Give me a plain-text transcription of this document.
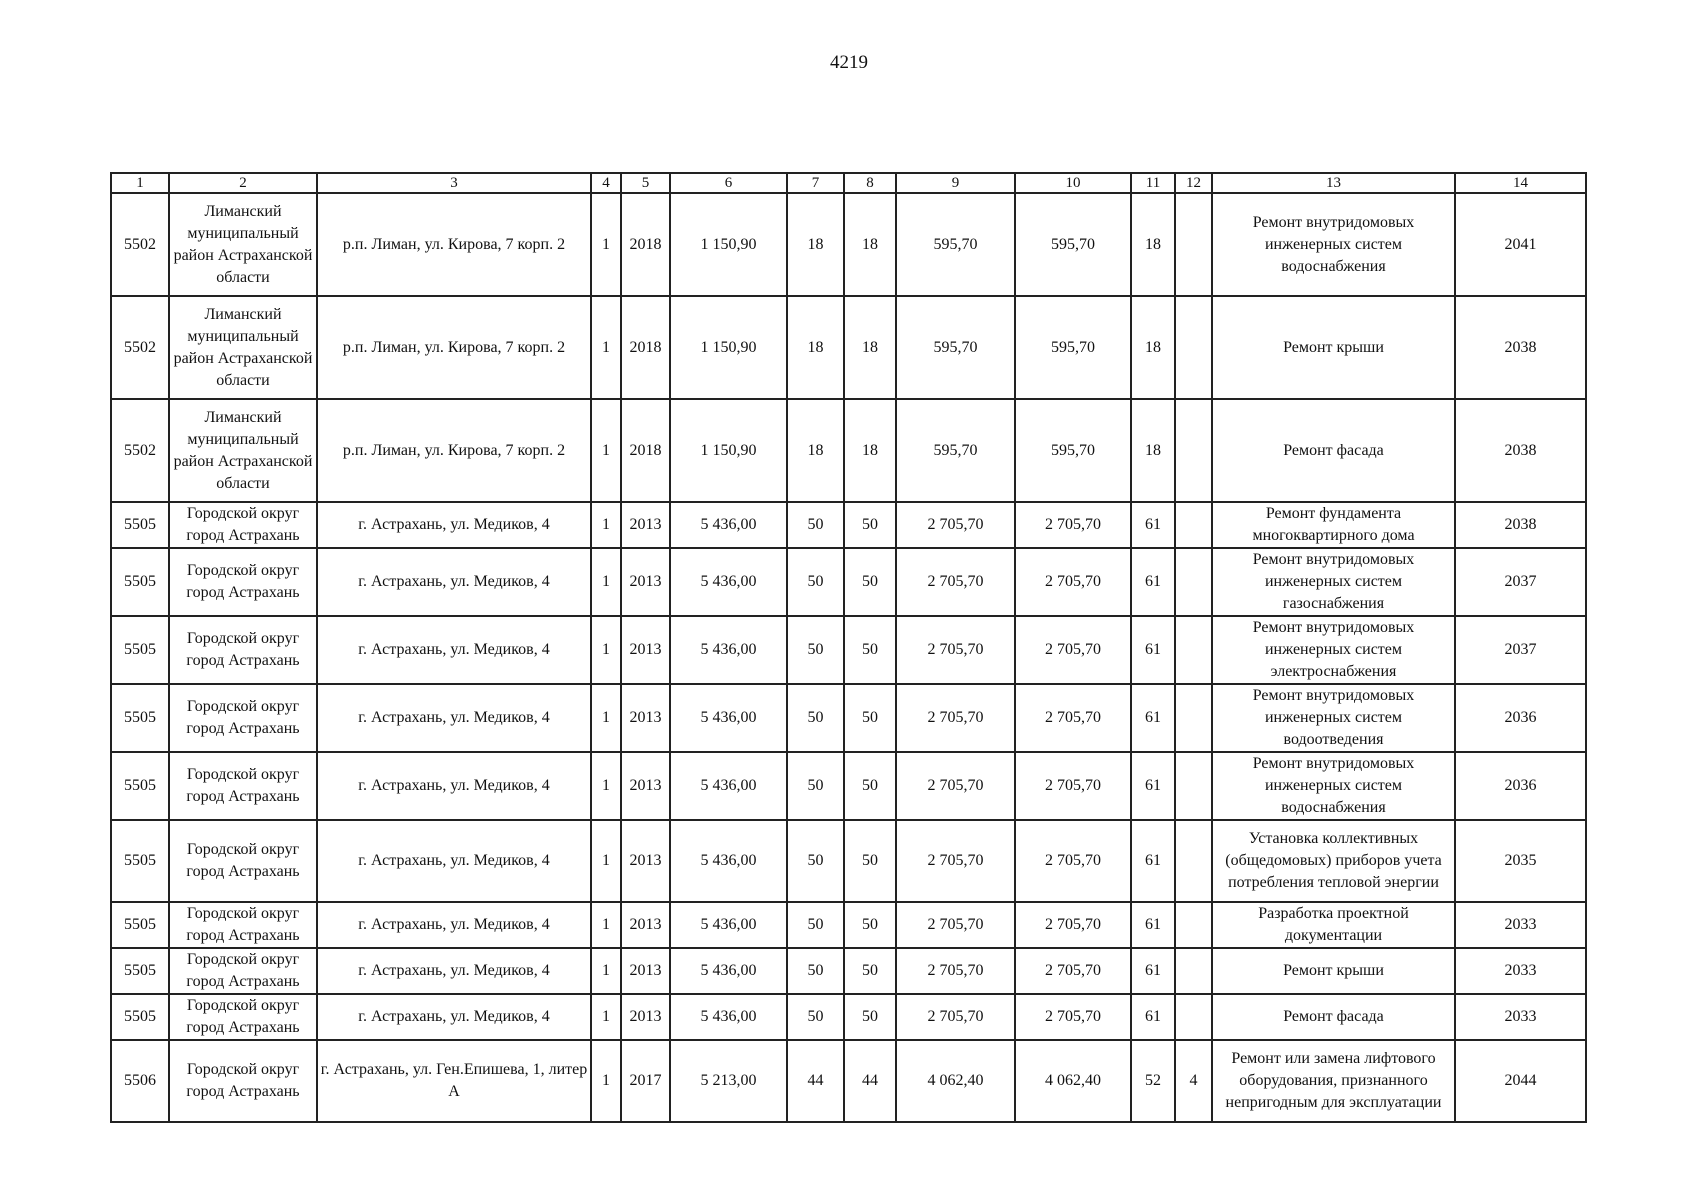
4219
1	2	3	4	5	6	7	8	9	10	11	12	13	14
5502	Лиманский муниципальный район Астраханской области	р.п. Лиман, ул. Кирова, 7 корп. 2	1	2018	1 150,90	18	18	595,70	595,70	18		Ремонт внутридомовых инженерных систем водоснабжения	2041
5502	Лиманский муниципальный район Астраханской области	р.п. Лиман, ул. Кирова, 7 корп. 2	1	2018	1 150,90	18	18	595,70	595,70	18		Ремонт крыши	2038
5502	Лиманский муниципальный район Астраханской области	р.п. Лиман, ул. Кирова, 7 корп. 2	1	2018	1 150,90	18	18	595,70	595,70	18		Ремонт фасада	2038
5505	Городской округ город Астрахань	г. Астрахань, ул. Медиков, 4	1	2013	5 436,00	50	50	2 705,70	2 705,70	61		Ремонт фундамента многоквартирного дома	2038
5505	Городской округ город Астрахань	г. Астрахань, ул. Медиков, 4	1	2013	5 436,00	50	50	2 705,70	2 705,70	61		Ремонт внутридомовых инженерных систем газоснабжения	2037
5505	Городской округ город Астрахань	г. Астрахань, ул. Медиков, 4	1	2013	5 436,00	50	50	2 705,70	2 705,70	61		Ремонт внутридомовых инженерных систем электроснабжения	2037
5505	Городской округ город Астрахань	г. Астрахань, ул. Медиков, 4	1	2013	5 436,00	50	50	2 705,70	2 705,70	61		Ремонт внутридомовых инженерных систем водоотведения	2036
5505	Городской округ город Астрахань	г. Астрахань, ул. Медиков, 4	1	2013	5 436,00	50	50	2 705,70	2 705,70	61		Ремонт внутридомовых инженерных систем водоснабжения	2036
5505	Городской округ город Астрахань	г. Астрахань, ул. Медиков, 4	1	2013	5 436,00	50	50	2 705,70	2 705,70	61		Установка коллективных (общедомовых) приборов учета потребления тепловой энергии	2035
5505	Городской округ город Астрахань	г. Астрахань, ул. Медиков, 4	1	2013	5 436,00	50	50	2 705,70	2 705,70	61		Разработка проектной документации	2033
5505	Городской округ город Астрахань	г. Астрахань, ул. Медиков, 4	1	2013	5 436,00	50	50	2 705,70	2 705,70	61		Ремонт крыши	2033
5505	Городской округ город Астрахань	г. Астрахань, ул. Медиков, 4	1	2013	5 436,00	50	50	2 705,70	2 705,70	61		Ремонт фасада	2033
5506	Городской округ город Астрахань	г. Астрахань, ул. Ген.Епишева, 1, литер А	1	2017	5 213,00	44	44	4 062,40	4 062,40	52	4	Ремонт или замена лифтового оборудования, признанного непригодным для эксплуатации	2044
